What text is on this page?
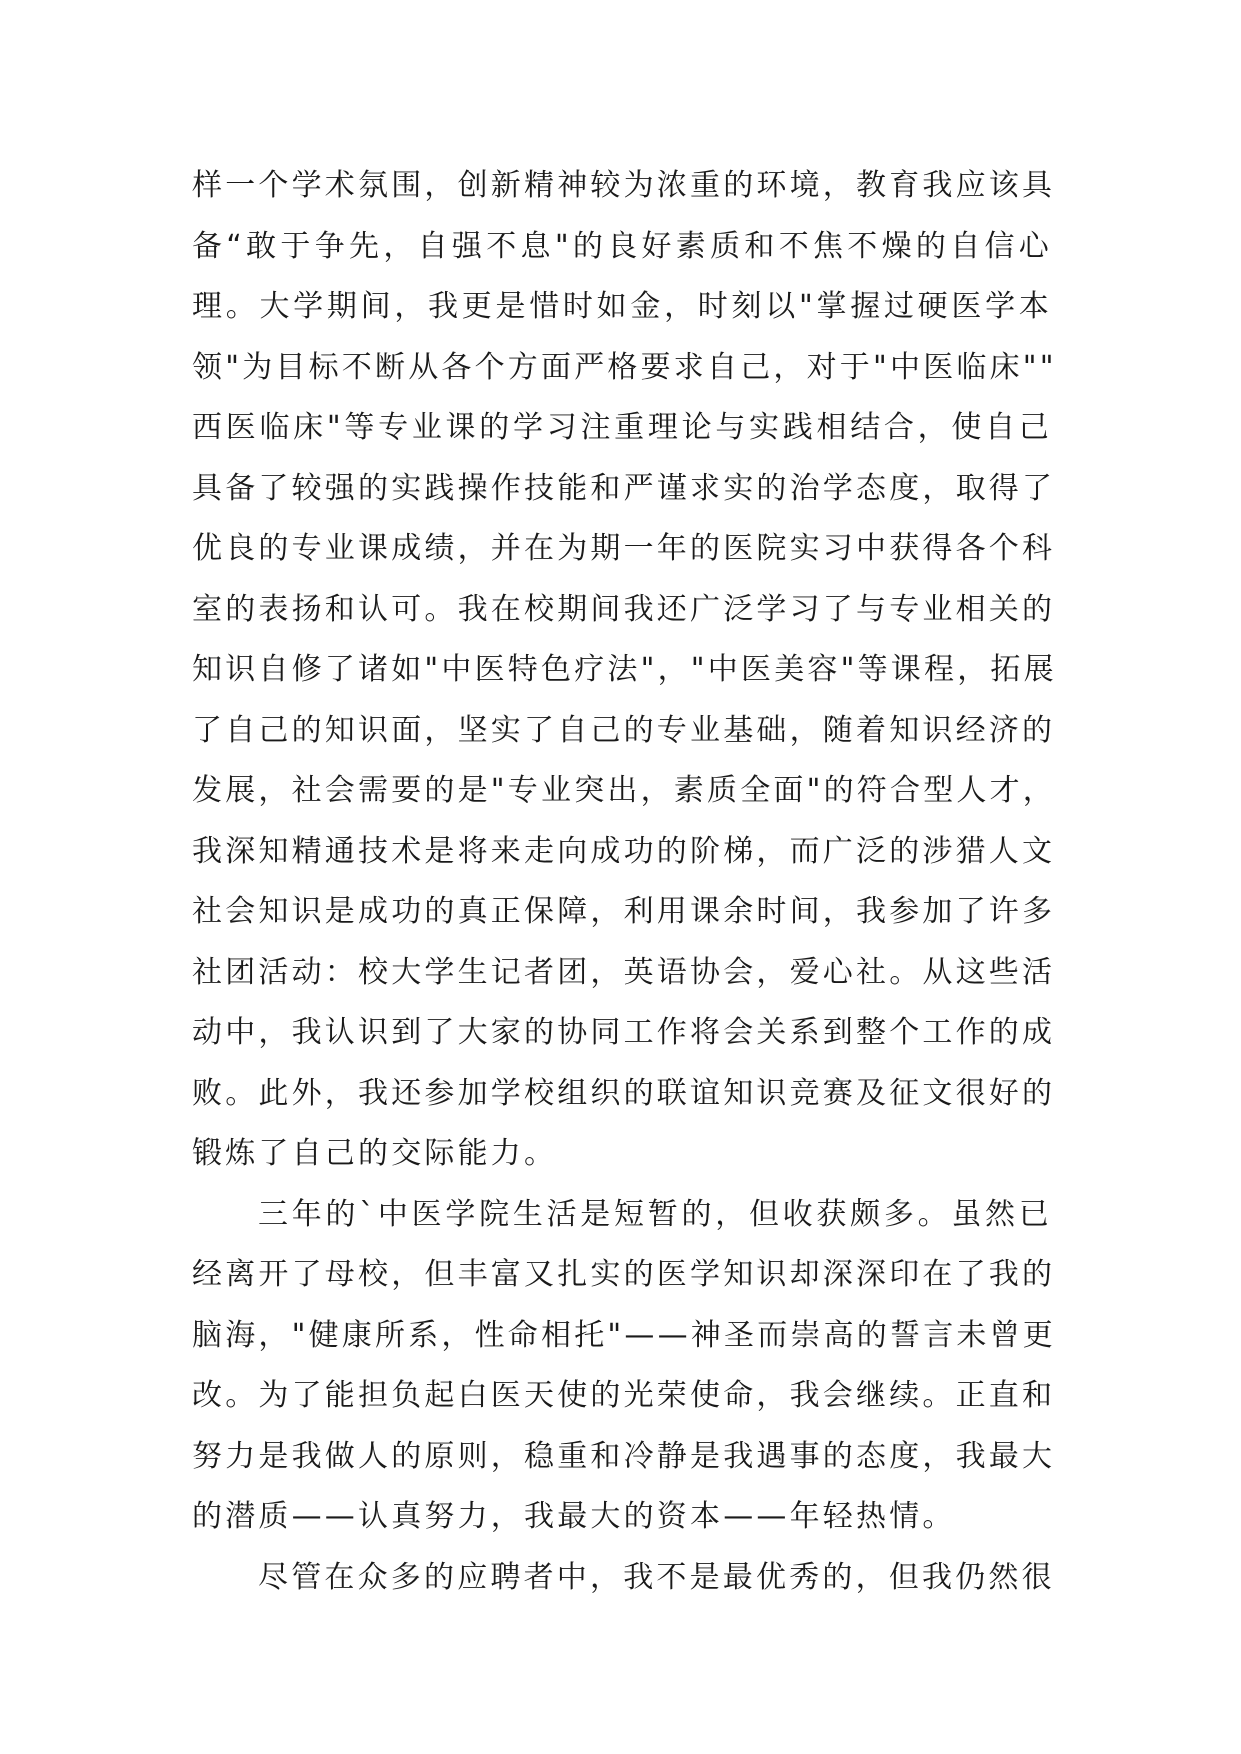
样一个学术氛围，创新精神较为浓重的环境，教育我应该具
备“敢于争先，自强不息"的良好素质和不焦不燥的自信心
理。大学期间，我更是惜时如金，时刻以"掌握过硬医学本
领"为目标不断从各个方面严格要求自己，对于"中医临床""
西医临床"等专业课的学习注重理论与实践相结合，使自己
具备了较强的实践操作技能和严谨求实的治学态度，取得了
优良的专业课成绩，并在为期一年的医院实习中获得各个科
室的表扬和认可。我在校期间我还广泛学习了与专业相关的
知识自修了诸如"中医特色疗法"，"中医美容"等课程，拓展
了自己的知识面，坚实了自己的专业基础，随着知识经济的
发展，社会需要的是"专业突出，素质全面"的符合型人才，
我深知精通技术是将来走向成功的阶梯，而广泛的涉猎人文
社会知识是成功的真正保障，利用课余时间，我参加了许多
社团活动：校大学生记者团，英语协会，爱心社。从这些活
动中，我认识到了大家的协同工作将会关系到整个工作的成
败。此外，我还参加学校组织的联谊知识竞赛及征文很好的
锻炼了自己的交际能力。
三年的`中医学院生活是短暂的，但收获颇多。虽然已
经离开了母校，但丰富又扎实的医学知识却深深印在了我的
脑海，"健康所系，性命相托"——神圣而崇高的誓言未曾更
改。为了能担负起白医天使的光荣使命，我会继续。正直和
努力是我做人的原则，稳重和冷静是我遇事的态度，我最大
的潜质——认真努力，我最大的资本——年轻热情。
尽管在众多的应聘者中，我不是最优秀的，但我仍然很
